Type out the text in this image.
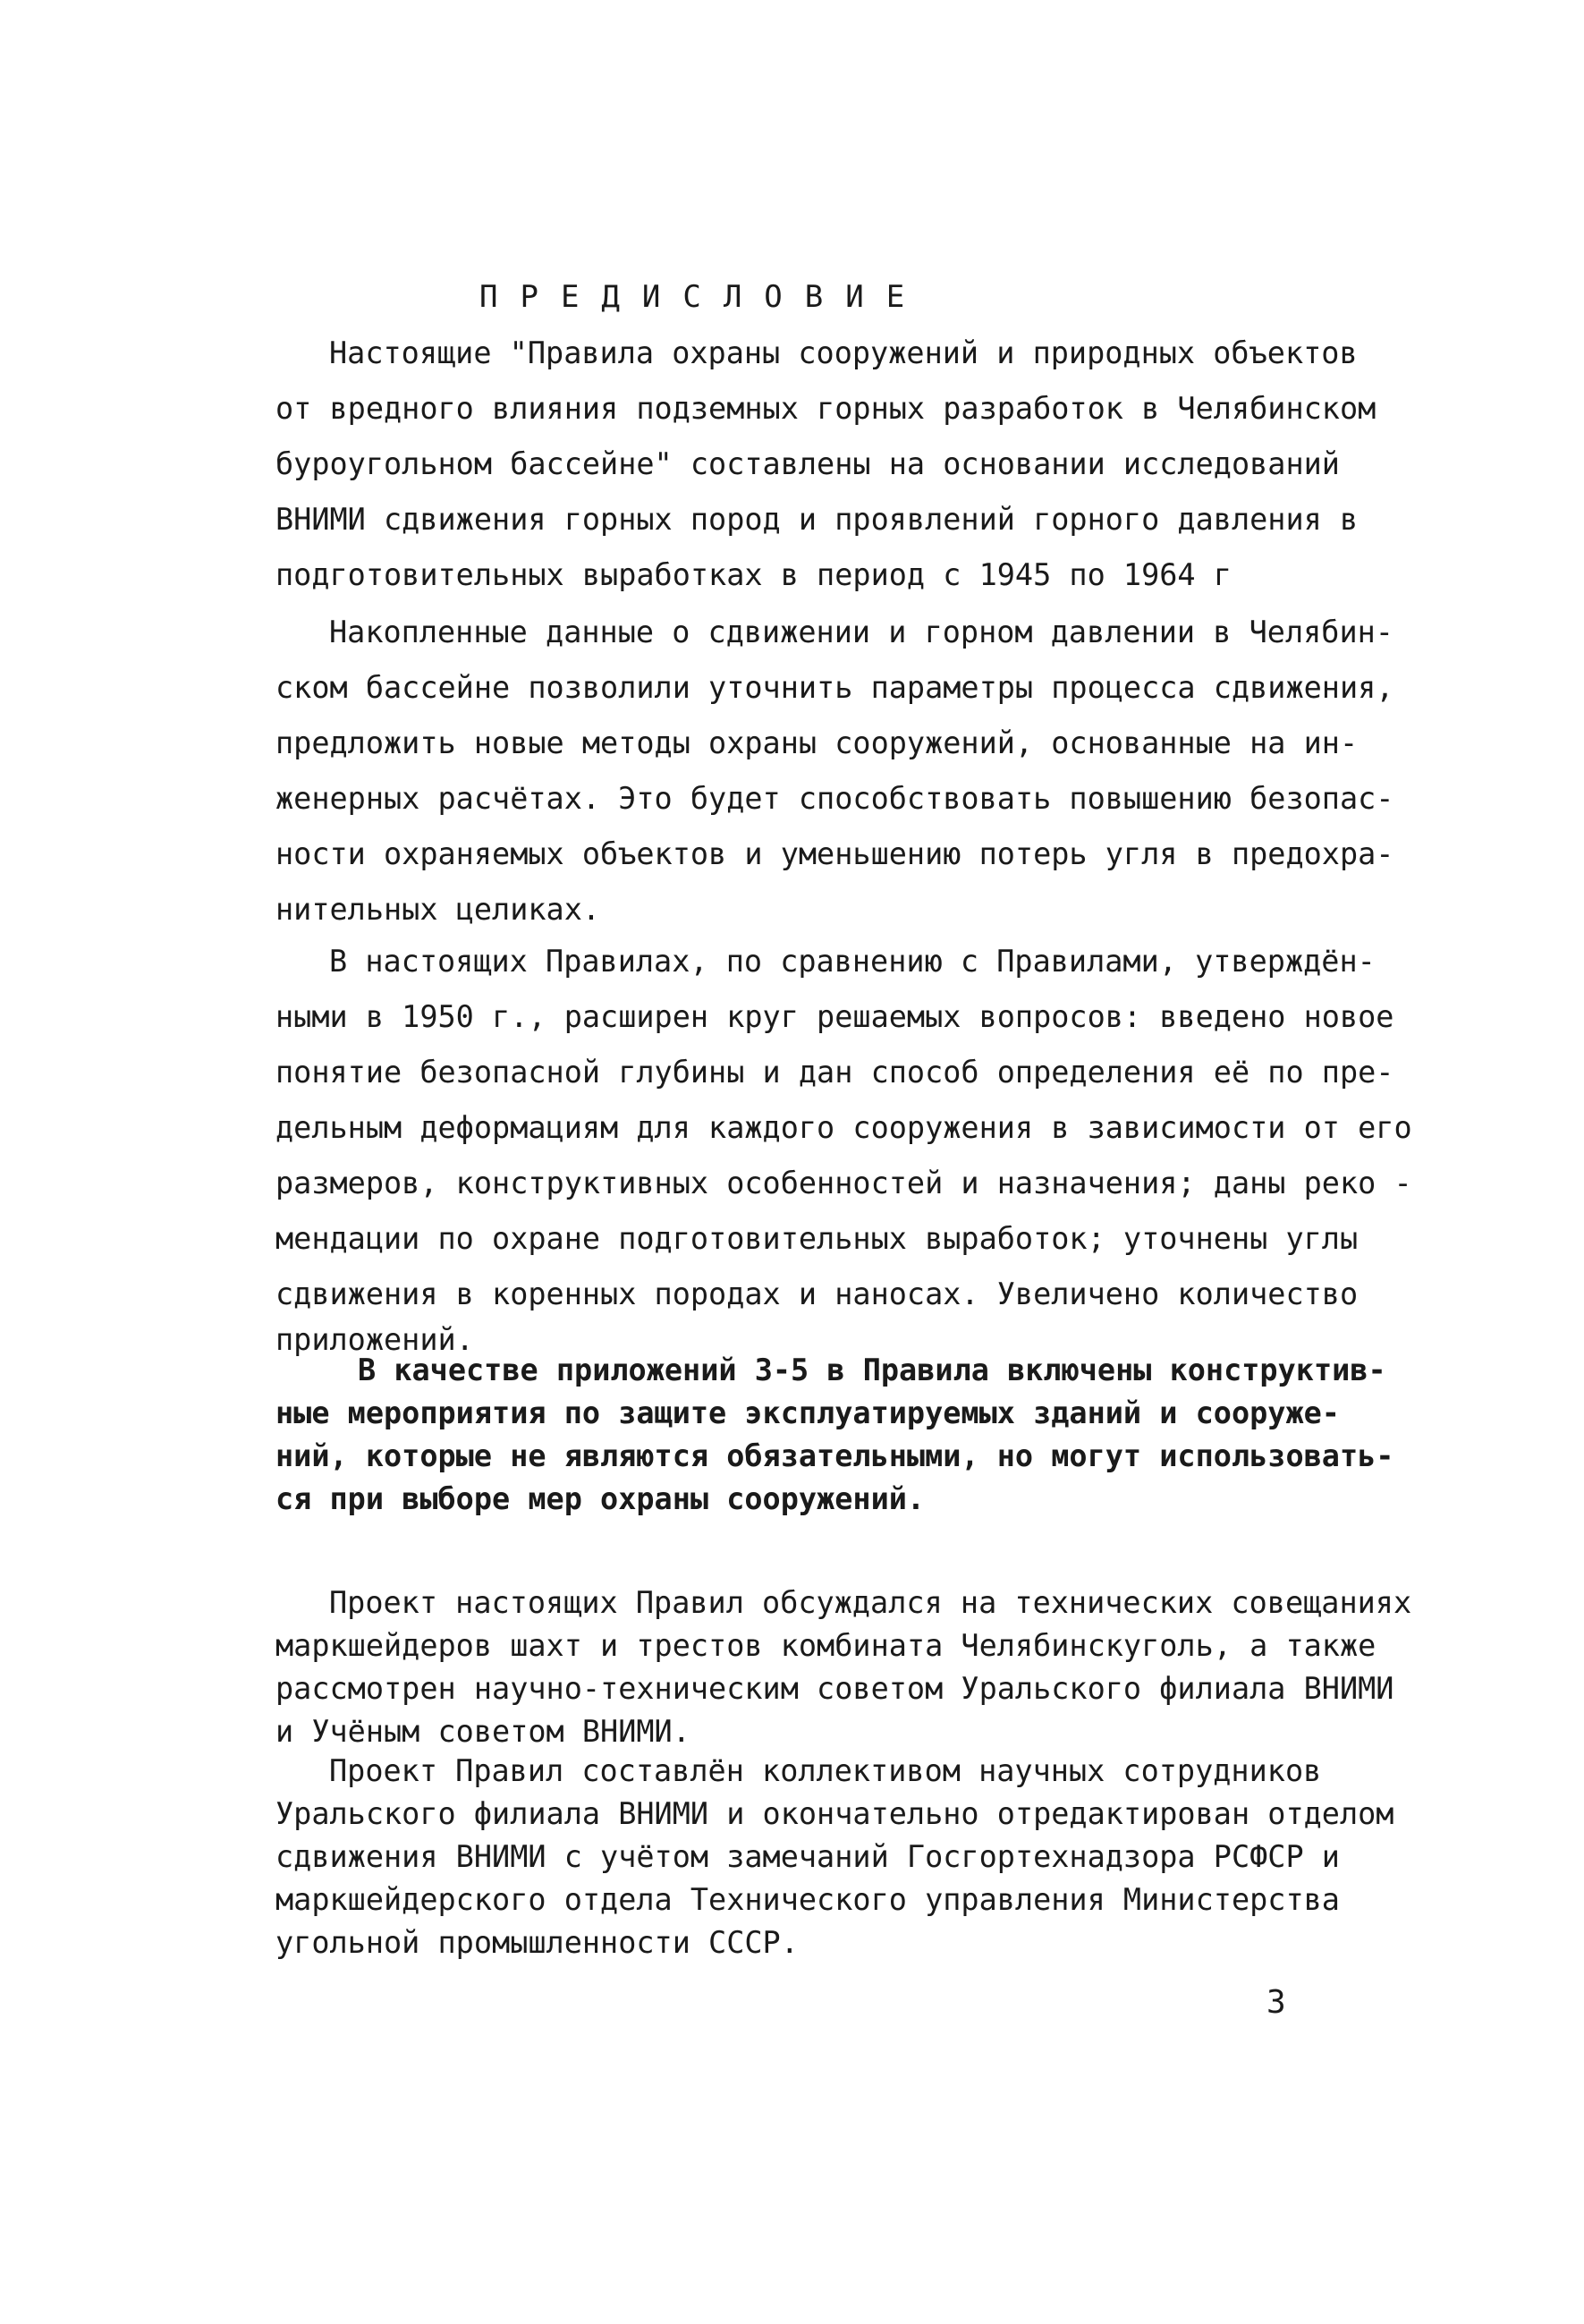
ПРЕДИСЛОВИЕ
Настоящие "Правила охраны сооружений и природных объектов
от вредного влияния подземных горных разработок в Челябинском
буроугольном бассейне" составлены на основании исследований
ВНИМИ сдвижения горных пород и проявлений горного давления в
подготовительных выработках в период с 1945 по 1964 г
Накопленные данные о сдвижении и горном давлении в Челябин-
ском бассейне позволили уточнить параметры процесса сдвижения,
предложить новые методы охраны сооружений, основанные на ин-
женерных расчётах. Это будет способствовать повышению безопас-
ности охраняемых объектов и уменьшению потерь угля в предохра-
нительных целиках.
В настоящих Правилах, по сравнению с Правилами, утверждён-
ными в 1950 г., расширен круг решаемых вопросов: введено новое
понятие безопасной глубины и дан способ определения её по пре-
дельным деформациям для каждого сооружения в зависимости от его
размеров, конструктивных особенностей и назначения; даны реко -
мендации по охране подготовительных выработок; уточнены углы
сдвижения в коренных породах и наносах. Увеличено количество
приложений.
В качестве приложений 3-5 в Правила включены конструктив-
ные мероприятия по защите эксплуатируемых зданий и сооруже-
ний, которые не являются обязательными, но могут использовать-
ся при выборе мер охраны сооружений.
Проект настоящих Правил обсуждался на технических совещаниях
маркшейдеров шахт и трестов комбината Челябинскуголь, а также
рассмотрен научно-техническим советом Уральского филиала ВНИМИ
и Учёным советом ВНИМИ.
Проект Правил составлён коллективом научных сотрудников
Уральского филиала ВНИМИ и окончательно отредактирован отделом
сдвижения ВНИМИ с учётом замечаний Госгортехнадзора РСФСР и
маркшейдерского отдела Технического управления Министерства
угольной промышленности СССР.
3
